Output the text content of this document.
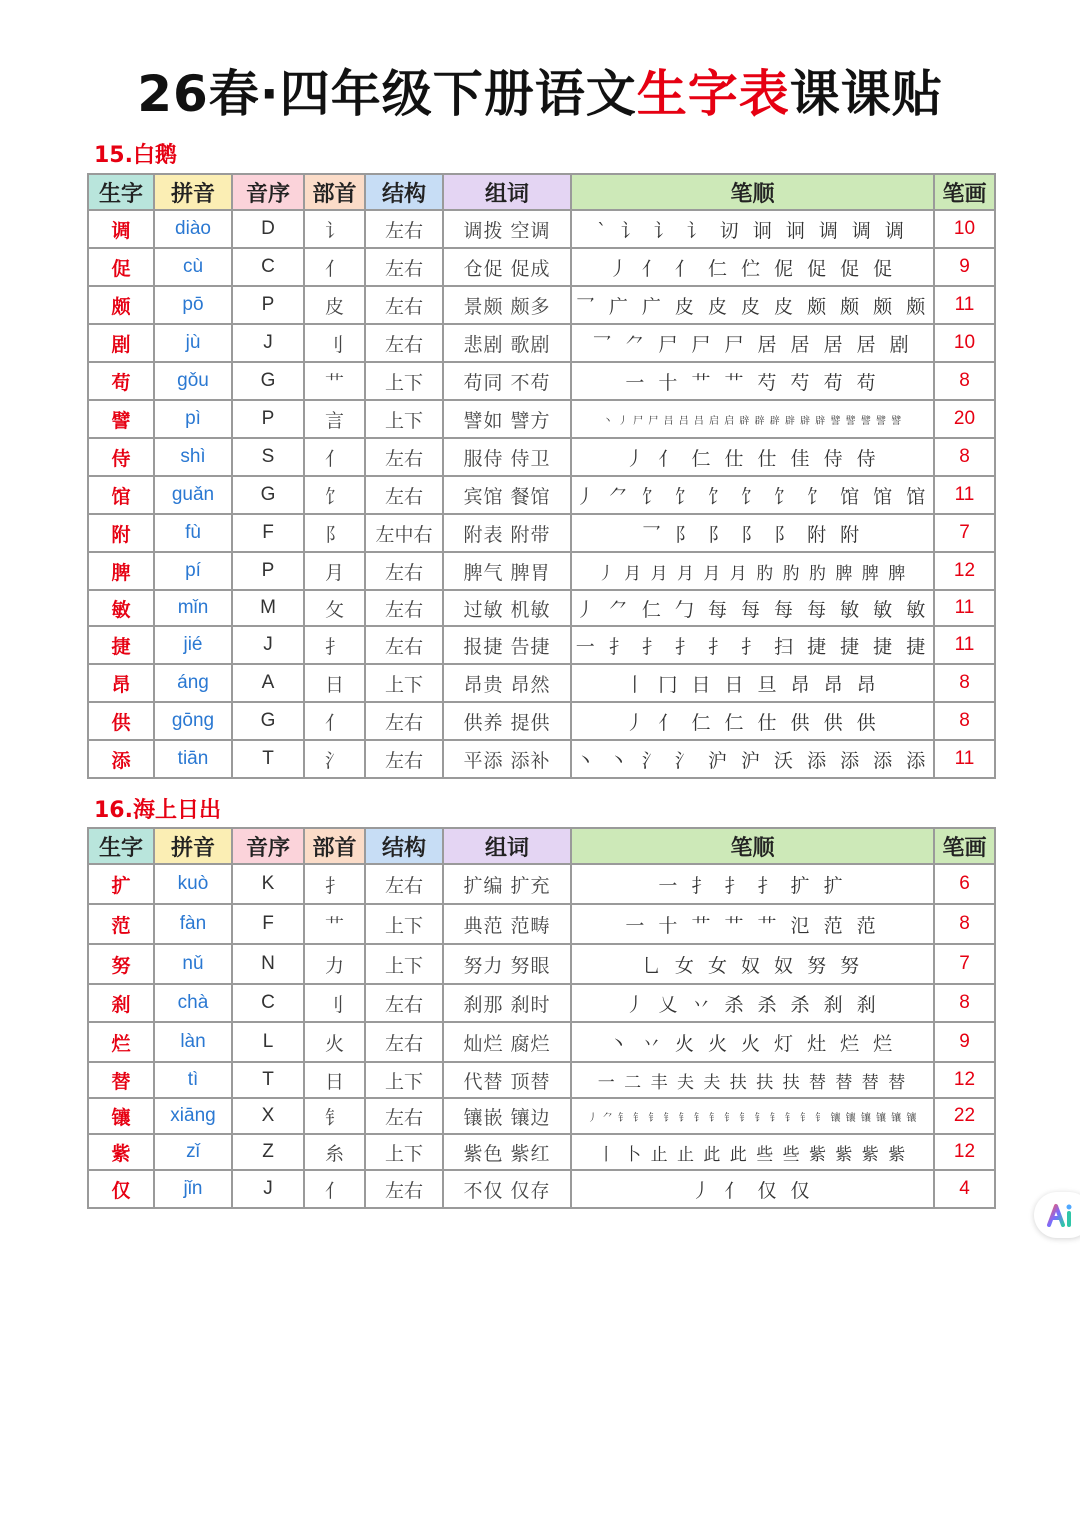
26春·四年级下册语文生字表课课贴
15.白鹅
生字	拼音	音序	部首	结构	组词	笔顺	笔画
调	diào	D	讠	左右	调拨 空调	` 讠 讠 讠 讱 诇 诇 调 调 调	10
促	cù	C	亻	左右	仓促 促成	丿 亻 亻 仁 伫 伲 促 促 促	9
颇	pō	P	皮	左右	景颇 颇多	乛 广 广 皮 皮 皮 皮 颇 颇 颇 颇	11
剧	jù	J	刂	左右	悲剧 歌剧	乛 ⺈ 尸 尸 尸 居 居 居 居 剧	10
苟	gǒu	G	艹	上下	苟同 不苟	一 十 艹 艹 芍 芍 苟 苟	8
譬	pì	P	言	上下	譬如 譬方	丶 丿 尸 尸 吕 吕 吕 启 启 辟 辟 辟 辟 辟 辟 譬 譬 譬 譬 譬	20
侍	shì	S	亻	左右	服侍 侍卫	丿 亻 仁 仕 仕 佳 侍 侍	8
馆	guǎn	G	饣	左右	宾馆 餐馆	丿 ⺈ 饣 饣 饣 饣 饣 饣 馆 馆 馆	11
附	fù	F	阝	左中右	附表 附带	乛 阝 阝 阝 阝 附 附	7
脾	pí	P	月	左右	脾气 脾胃	丿 月 月 月 月 月 肑 肑 肑 脾 脾 脾	12
敏	mǐn	M	攵	左右	过敏 机敏	丿 ⺈ 仁 勹 每 每 每 每 敏 敏 敏	11
捷	jié	J	扌	左右	报捷 告捷	一 扌 扌 扌 扌 扌 扫 捷 捷 捷 捷	11
昂	áng	A	日	上下	昂贵 昂然	丨 冂 日 日 旦 昂 昂 昂	8
供	gōng	G	亻	左右	供养 提供	丿 亻 仁 仁 仕 供 供 供	8
添	tiān	T	氵	左右	平添 添补	丶 丶 氵 氵 沪 沪 沃 添 添 添 添	11
16.海上日出
生字	拼音	音序	部首	结构	组词	笔顺	笔画
扩	kuò	K	扌	左右	扩编 扩充	一 扌 扌 扌 扩 扩	6
范	fàn	F	艹	上下	典范 范畴	一 十 艹 艹 艹 氾 范 范	8
努	nǔ	N	力	上下	努力 努眼	乚 女 女 奴 奴 努 努	7
刹	chà	C	刂	左右	刹那 刹时	丿 乂 丷 杀 杀 杀 刹 刹	8
烂	làn	L	火	左右	灿烂 腐烂	丶 丷 火 火 火 灯 灶 烂 烂	9
替	tì	T	日	上下	代替 顶替	一 二 丰 夫 夫 扶 扶 扶 替 替 替 替	12
镶	xiāng	X	钅	左右	镶嵌 镶边	丿 ⺈ 钅 钅 钅 钅 钅 钅 钅 钅 钅 钅 钅 钅 钅 钅 镶 镶 镶 镶 镶 镶	22
紫	zǐ	Z	糸	上下	紫色 紫红	丨 卜 止 止 此 此 些 些 紫 紫 紫 紫	12
仅	jǐn	J	亻	左右	不仅 仅存	丿 亻 仅 仅	4
